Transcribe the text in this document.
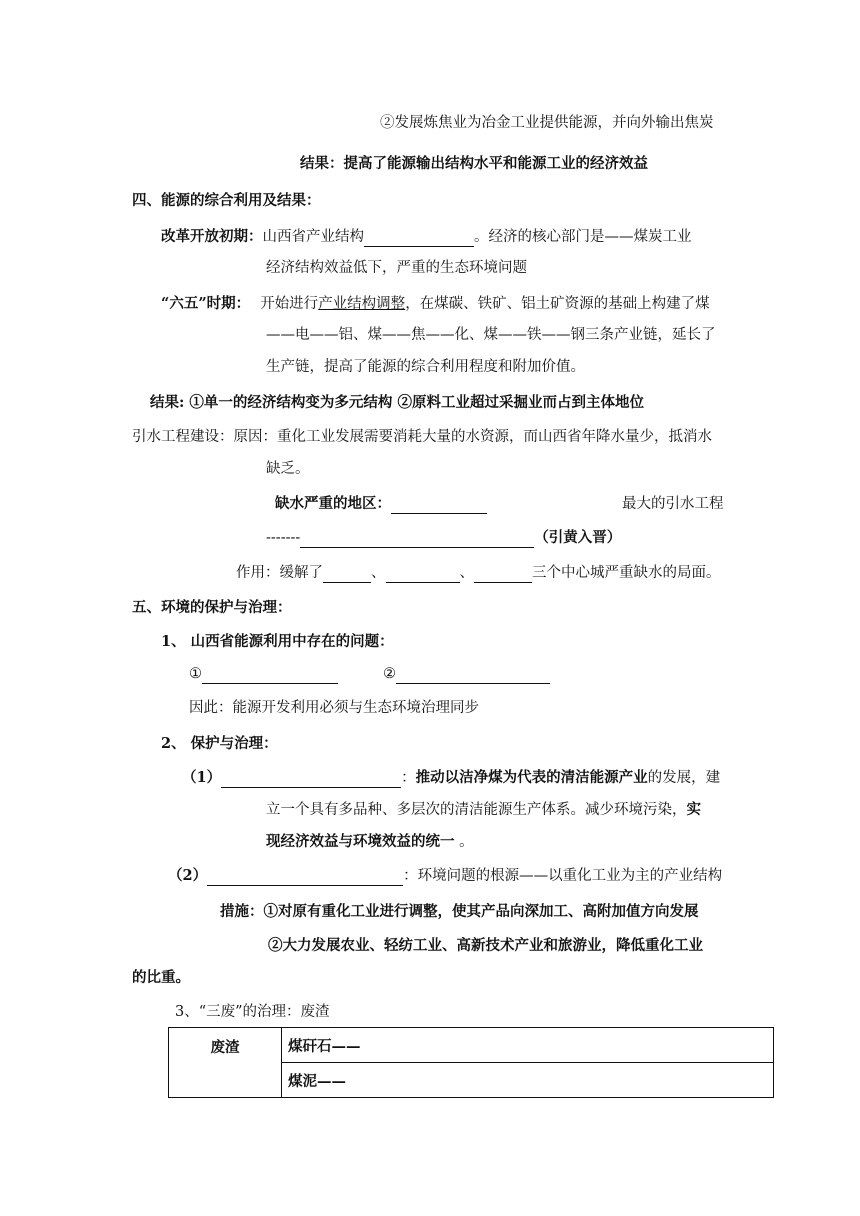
②发展炼焦业为冶金工业提供能源，并向外输出焦炭
结果：提高了能源输出结构水平和能源工业的经济效益
四、能源的综合利用及结果：
改革开放初期：山西省产业结构	。经济的核心部门是——煤炭工业
经济结构效益低下，严重的生态环境问题
“六五”时期： 开始进行产业结构调整，在煤碳、铁矿、铝土矿资源的基础上构建了煤
——电——铝、煤——焦——化、煤——铁——钢三条产业链，延长了
生产链，提高了能源的综合利用程度和附加价值。
结果: ①单一的经济结构变为多元结构 ②原料工业超过采掘业而占到主体地位
引水工程建设：原因：重化工业发展需要消耗大量的水资源，而山西省年降水量少，抵消水
缺乏。
缺水严重的地区：	最大的引水工程
-------	（引黄入晋）
作用：缓解了	、	、	三个中心城严重缺水的局面。
五、环境的保护与治理：
1、 山西省能源利用中存在的问题：
①	②
因此：能源开发利用必须与生态环境治理同步
2、 保护与治理：
（1）	：推动以洁净煤为代表的清洁能源产业的发展，建
立一个具有多品种、多层次的清洁能源生产体系。减少环境污染，实
现经济效益与环境效益的统一 。
（2）	：环境问题的根源——以重化工业为主的产业结构
措施：①对原有重化工业进行调整，使其产品向深加工、高附加值方向发展
②大力发展农业、轻纺工业、高新技术产业和旅游业，降低重化工业
的比重。
3、“三废”的治理：废渣
废渣	煤矸石——
煤泥——
